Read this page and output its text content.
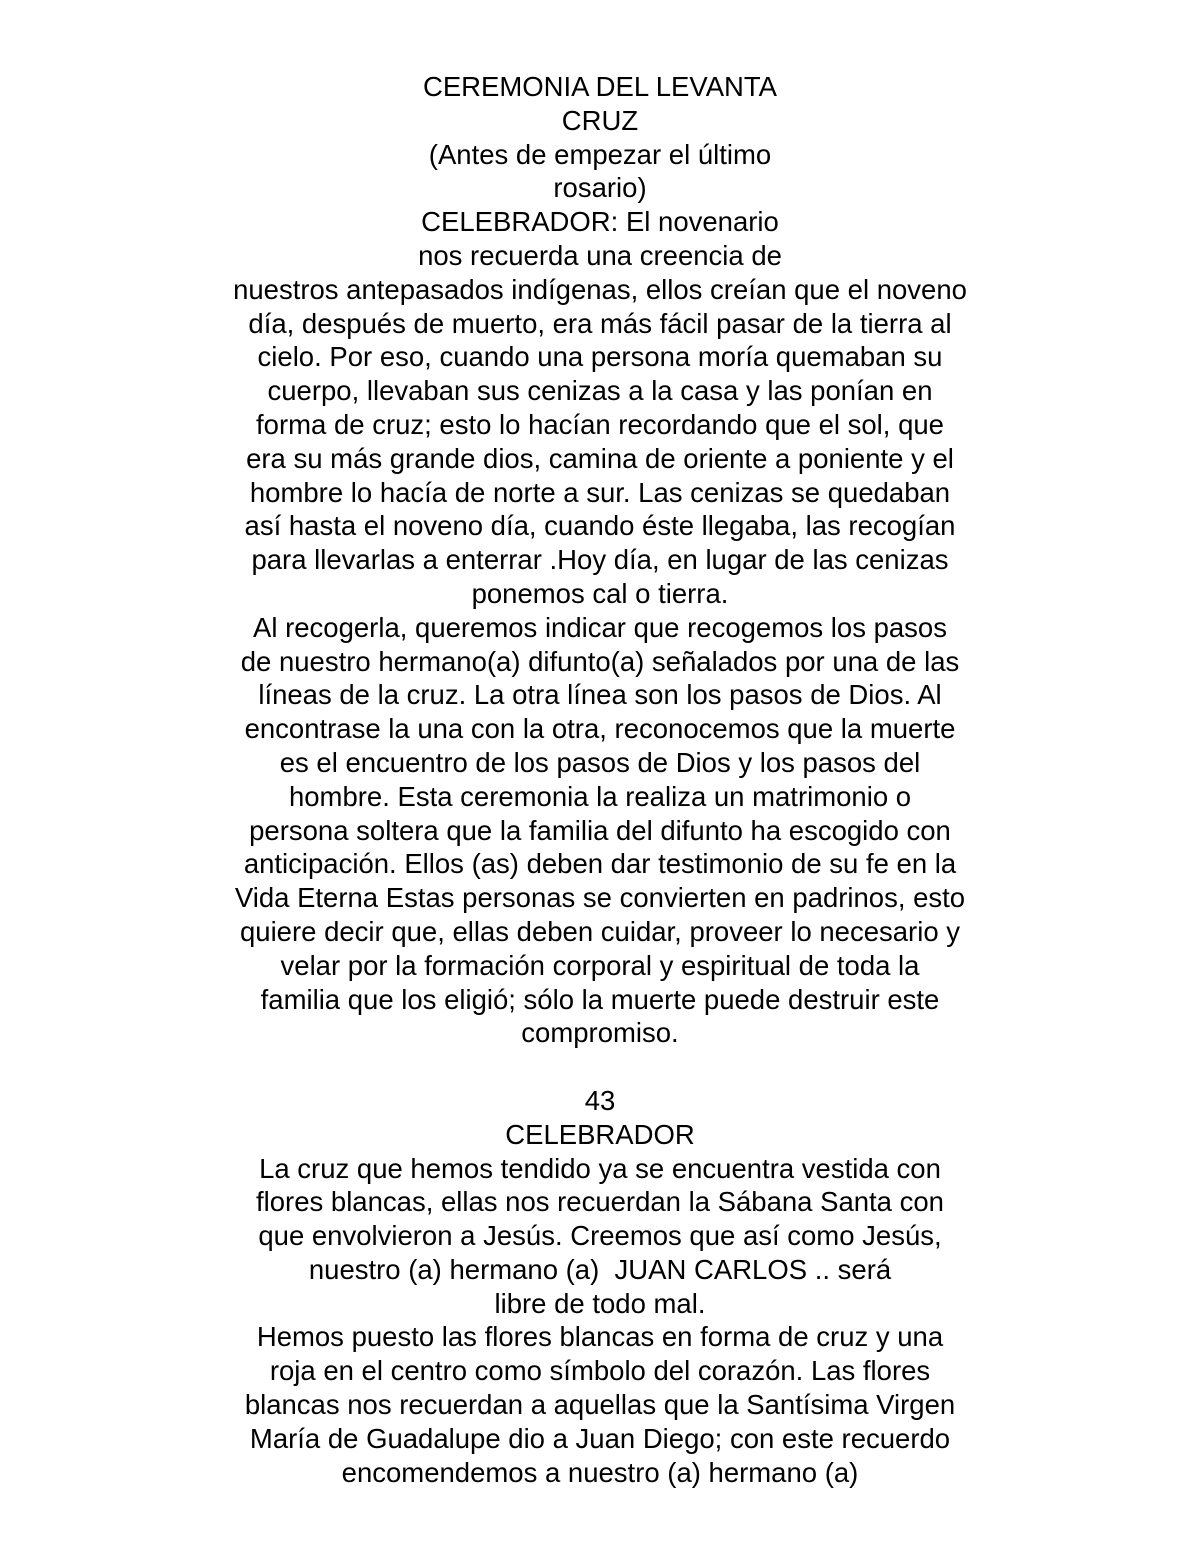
CEREMONIA DEL LEVANTA
CRUZ
(Antes de empezar el último
rosario)
CELEBRADOR: El novenario
nos recuerda una creencia de
nuestros antepasados indígenas, ellos creían que el noveno
día, después de muerto, era más fácil pasar de la tierra al
cielo. Por eso, cuando una persona moría quemaban su
cuerpo, llevaban sus cenizas a la casa y las ponían en
forma de cruz; esto lo hacían recordando que el sol, que
era su más grande dios, camina de oriente a poniente y el
hombre lo hacía de norte a sur. Las cenizas se quedaban
así hasta el noveno día, cuando éste llegaba, las recogían
para llevarlas a enterrar .Hoy día, en lugar de las cenizas
ponemos cal o tierra.
Al recogerla, queremos indicar que recogemos los pasos
de nuestro hermano(a) difunto(a) señalados por una de las
líneas de la cruz. La otra línea son los pasos de Dios. Al
encontrase la una con la otra, reconocemos que la muerte
es el encuentro de los pasos de Dios y los pasos del
hombre. Esta ceremonia la realiza un matrimonio o
persona soltera que la familia del difunto ha escogido con
anticipación. Ellos (as) deben dar testimonio de su fe en la
Vida Eterna Estas personas se convierten en padrinos, esto
quiere decir que, ellas deben cuidar, proveer lo necesario y
velar por la formación corporal y espiritual de toda la
familia que los eligió; sólo la muerte puede destruir este
compromiso.
43
CELEBRADOR
La cruz que hemos tendido ya se encuentra vestida con
flores blancas, ellas nos recuerdan la Sábana Santa con
que envolvieron a Jesús. Creemos que así como Jesús,
nuestro (a) hermano (a)  JUAN CARLOS .. será
libre de todo mal.
Hemos puesto las flores blancas en forma de cruz y una
roja en el centro como símbolo del corazón. Las flores
blancas nos recuerdan a aquellas que la Santísima Virgen
María de Guadalupe dio a Juan Diego; con este recuerdo
encomendemos a nuestro (a) hermano (a)
